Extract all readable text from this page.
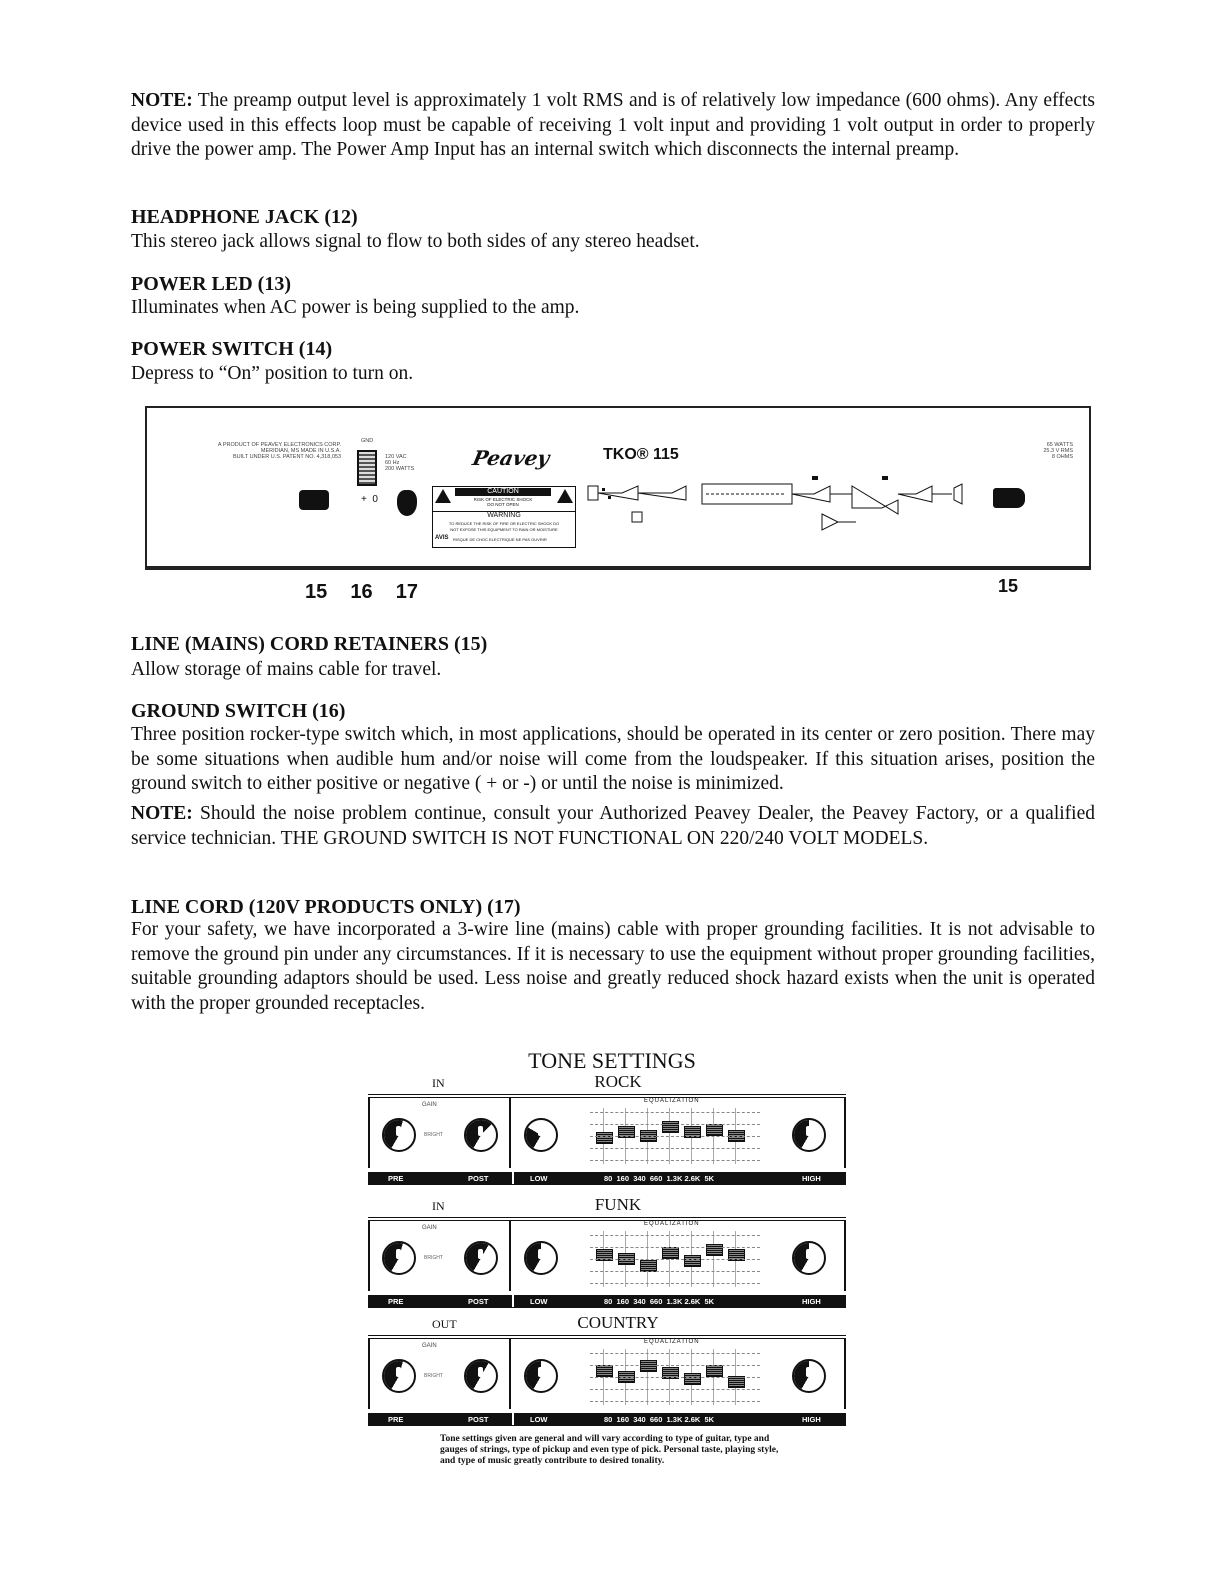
NOTE: The preamp output level is approximately 1 volt RMS and is of relatively low impedance (600 ohms). Any effects device used in this effects loop must be capable of receiving 1 volt input and providing 1 volt output in order to properly drive the power amp. The Power Amp Input has an internal switch which disconnects the internal preamp.
HEADPHONE JACK (12)
This stereo jack allows signal to flow to both sides of any stereo headset.
POWER LED (13)
Illuminates when AC power is being supplied to the amp.
POWER SWITCH (14)
Depress to “On” position to turn on.
A PRODUCT OF PEAVEY ELECTRONICS CORP.
MERIDIAN, MS MADE IN U.S.A.
BUILT UNDER U.S. PATENT NO. 4,318,053
GND
120 VAC
60 Hz
200 WATTS
+  0
Peavey	TKO® 115
CAUTION
RISK OF ELECTRIC SHOCK
DO NOT OPEN
WARNING
TO REDUCE THE RISK OF FIRE OR ELECTRIC SHOCK DO
NOT EXPOSE THIS EQUIPMENT TO RAIN OR MOISTURE
AVIS RISQUE DE CHOC ELECTRIQUE NE PAS OUVRIR
65 WATTS
25.3 V RMS
8 OHMS
15  16  17	15
LINE (MAINS) CORD RETAINERS (15)
Allow storage of mains cable for travel.
GROUND SWITCH (16)
Three position rocker-type switch which, in most applications, should be operated in its center or zero position. There may be some situations when audible hum and/or noise will come from the loudspeaker. If this situation arises, position the ground switch to either positive or negative ( + or -) or until the noise is minimized.
NOTE: Should the noise problem continue, consult your Authorized Peavey Dealer, the Peavey Factory, or a qualified service technician. THE GROUND SWITCH IS NOT FUNCTIONAL ON 220/240 VOLT MODELS.
LINE CORD (120V PRODUCTS ONLY) (17)
For your safety, we have incorporated a 3-wire line (mains) cable with proper grounding facilities. It is not advisable to remove the ground pin under any circumstances. If it is necessary to use the equipment without proper grounding facilities, suitable grounding adaptors should be used. Less noise and greatly reduced shock hazard exists when the unit is operated with the proper grounded receptacles.
TONE SETTINGS
IN	ROCK
EQUALIZATION
GAIN
BRIGHT
PRE	POST	LOW	80  160  340  660  1.3K 2.6K  5K	HIGH
IN	FUNK
EQUALIZATION
GAIN
BRIGHT
PRE	POST	LOW	80  160  340  660  1.3K 2.6K  5K	HIGH
OUT	COUNTRY
EQUALIZATION
GAIN
BRIGHT
PRE	POST	LOW	80  160  340  660  1.3K 2.6K  5K	HIGH
Tone settings given are general and will vary according to type of guitar, type and gauges of strings, type of pickup and even type of pick. Personal taste, playing style, and type of music greatly contribute to desired tonality.
